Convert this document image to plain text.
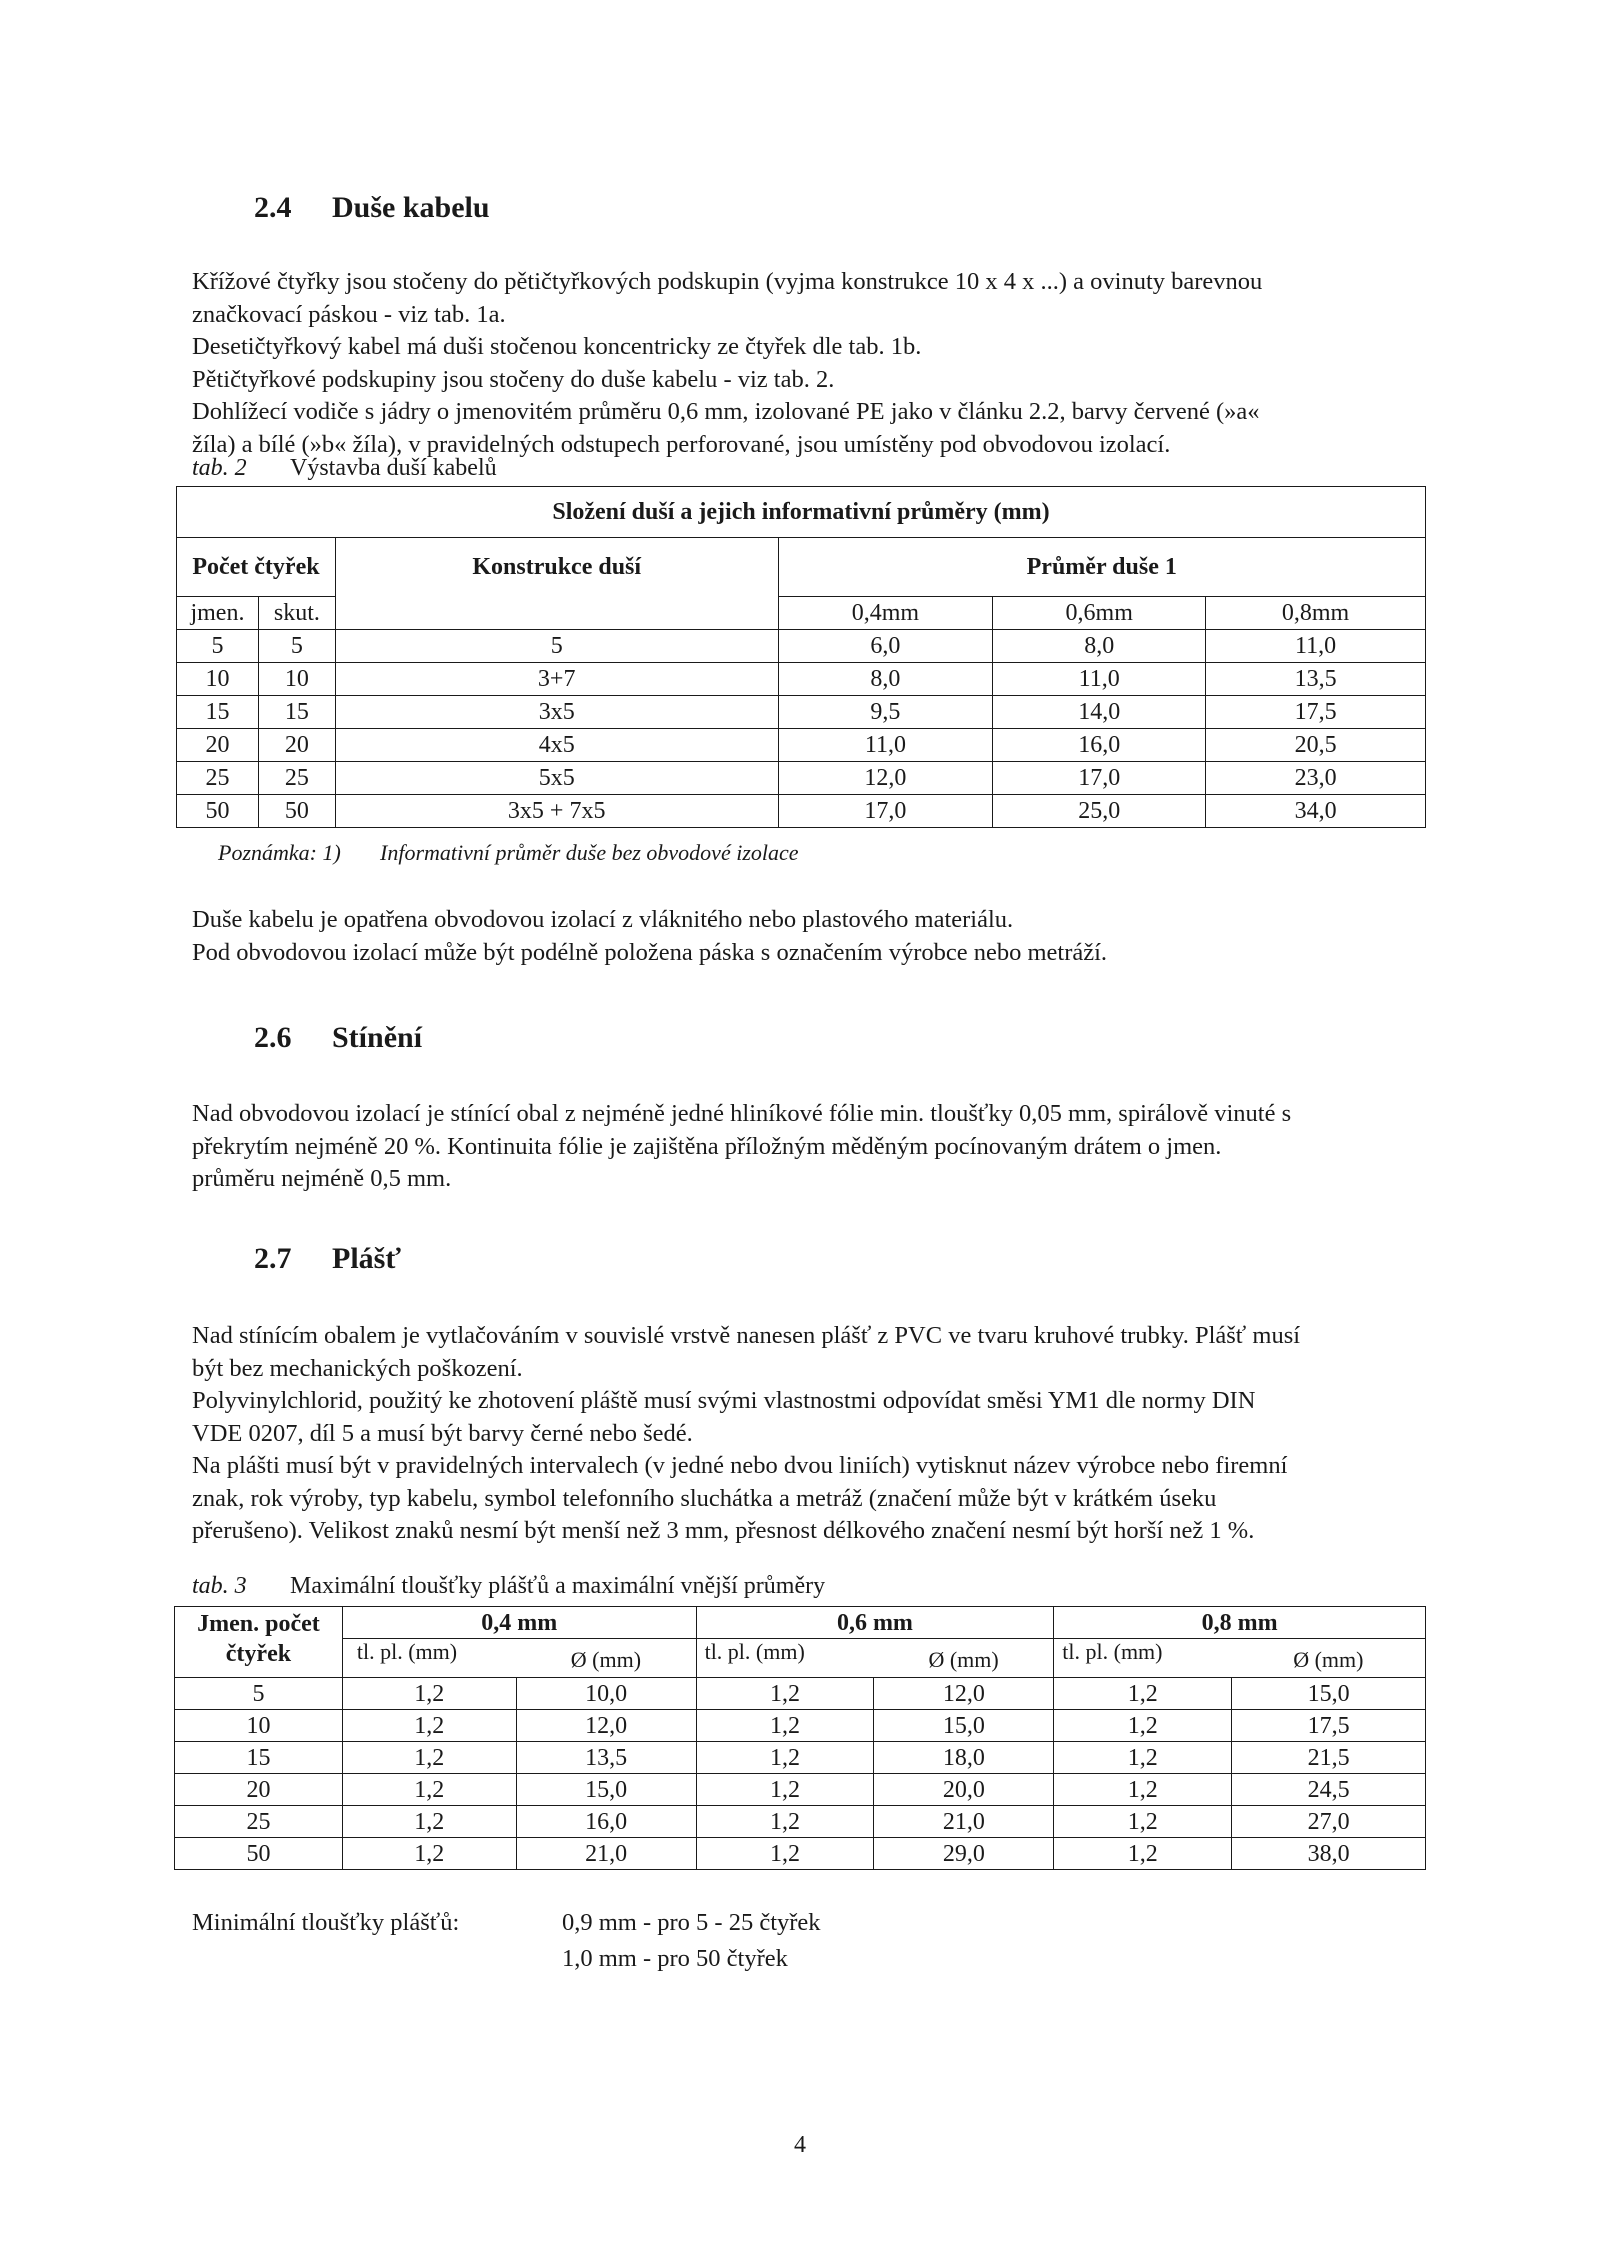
2.4 Duše kabelu
Křížové čtyřky jsou stočeny do pětičtyřkových podskupin (vyjma konstrukce 10 x 4 x ...) a ovinuty barevnou
značkovací páskou - viz tab. 1a.
Desetičtyřkový kabel má duši stočenou koncentricky ze čtyřek dle tab. 1b.
Pětičtyřkové podskupiny jsou stočeny do duše kabelu - viz tab. 2.
Dohlížecí vodiče s jádry o jmenovitém průměru 0,6 mm, izolované PE jako v článku 2.2, barvy červené (»a«
žíla) a bílé (»b« žíla), v pravidelných odstupech perforované, jsou umístěny pod obvodovou izolací.
tab. 2 Výstavba duší kabelů
Složení duší a jejich informativní průměry (mm)					
Počet čtyřek		Konstrukce duší	Průměr duše 1		
jmen.	skut.		0,4mm	0,6mm	0,8mm
5	5	5	6,0	8,0	11,0
10	10	3+7	8,0	11,0	13,5
15	15	3x5	9,5	14,0	17,5
20	20	4x5	11,0	16,0	20,5
25	25	5x5	12,0	17,0	23,0
50	50	3x5 + 7x5	17,0	25,0	34,0
Poznámka: 1) Informativní průměr duše bez obvodové izolace
Duše kabelu je opatřena obvodovou izolací z vláknitého nebo plastového materiálu.
Pod obvodovou izolací může být podélně položena páska s označením výrobce nebo metráží.
2.6 Stínění
Nad obvodovou izolací je stínící obal z nejméně jedné hliníkové fólie min. tloušťky 0,05 mm, spirálově vinuté s
překrytím nejméně 20 %. Kontinuita fólie je zajištěna příložným měděným pocínovaným drátem o jmen.
průměru nejméně 0,5 mm.
2.7 Plášť
Nad stínícím obalem je vytlačováním v souvislé vrstvě nanesen plášť z PVC ve tvaru kruhové trubky. Plášť musí
být bez mechanických poškození.
Polyvinylchlorid, použitý ke zhotovení pláště musí svými vlastnostmi odpovídat směsi YM1 dle normy DIN
VDE 0207, díl 5 a musí být barvy černé nebo šedé.
Na plášti musí být v pravidelných intervalech (v jedné nebo dvou liniích) vytisknut název výrobce nebo firemní
znak, rok výroby, typ kabelu, symbol telefonního sluchátka a metráž (značení může být v krátkém úseku
přerušeno). Velikost znaků nesmí být menší než 3 mm, přesnost délkového značení nesmí být horší než 1 %.
tab. 3 Maximální tloušťky plášťů a maximální vnější průměry
Jmen. počet čtyřek	0,4 mm		0,6 mm		0,8 mm	
	tl. pl. (mm)	Ø (mm)	tl. pl. (mm)	Ø (mm)	tl. pl. (mm)	Ø (mm)
5	1,2	10,0	1,2	12,0	1,2	15,0
10	1,2	12,0	1,2	15,0	1,2	17,5
15	1,2	13,5	1,2	18,0	1,2	21,5
20	1,2	15,0	1,2	20,0	1,2	24,5
25	1,2	16,0	1,2	21,0	1,2	27,0
50	1,2	21,0	1,2	29,0	1,2	38,0
Minimální tloušťky plášťů:	0,9 mm - pro 5 - 25 čtyřek
1,0 mm - pro 50 čtyřek
4
